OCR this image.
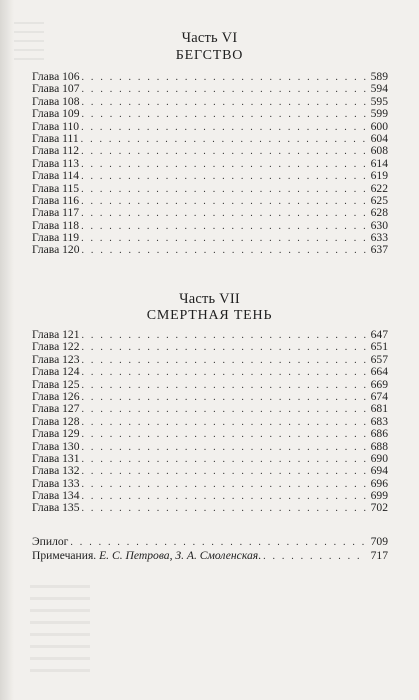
Часть VI
БЕГСТВО
Глава 106 . . .	589
Глава 107 . . .	594
Глава 108 . . .	595
Глава 109 . . .	599
Глава 110 . . .	600
Глава 111 . . .	604
Глава 112 . . .	608
Глава 113 . . .	614
Глава 114 . . .	619
Глава 115 . . .	622
Глава 116 . . .	625
Глава 117 . . .	628
Глава 118 . . .	630
Глава 119 . . .	633
Глава 120 . . .	637
Часть VII
СМЕРТНАЯ ТЕНЬ
Глава 121 . . .	647
Глава 122 . . .	651
Глава 123 . . .	657
Глава 124 . . .	664
Глава 125 . . .	669
Глава 126 . . .	674
Глава 127 . . .	681
Глава 128 . . .	683
Глава 129 . . .	686
Глава 130 . . .	688
Глава 131 . . .	690
Глава 132 . . .	694
Глава 133 . . .	696
Глава 134 . . .	699
Глава 135 . . .	702
Эпилог . . .	709
Примечания. Е. С. Петрова, З. А. Смоленская. . . .	717
